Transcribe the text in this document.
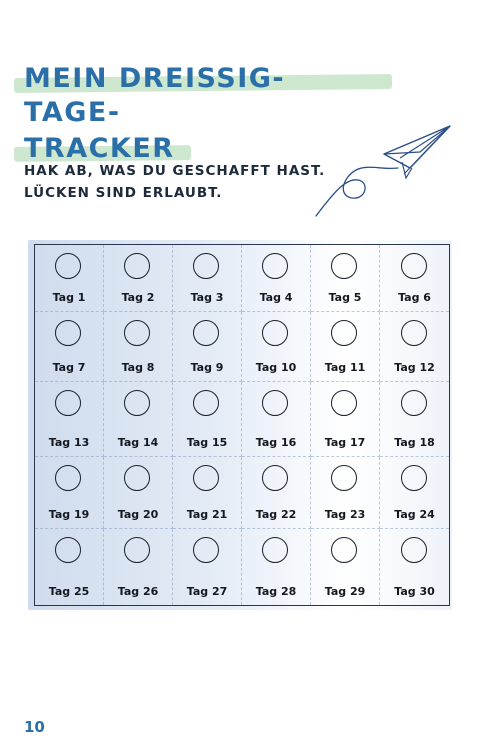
MEIN DREISSIG-TAGE-
TRACKER
HAK AB, WAS DU GESCHAFFT HAST.
LÜCKEN SIND ERLAUBT.
Tag 1	Tag 2	Tag 3	Tag 4	Tag 5	Tag 6
Tag 7	Tag 8	Tag 9	Tag 10	Tag 11	Tag 12
Tag 13	Tag 14	Tag 15	Tag 16	Tag 17	Tag 18
Tag 19	Tag 20	Tag 21	Tag 22	Tag 23	Tag 24
Tag 25	Tag 26	Tag 27	Tag 28	Tag 29	Tag 30
10
